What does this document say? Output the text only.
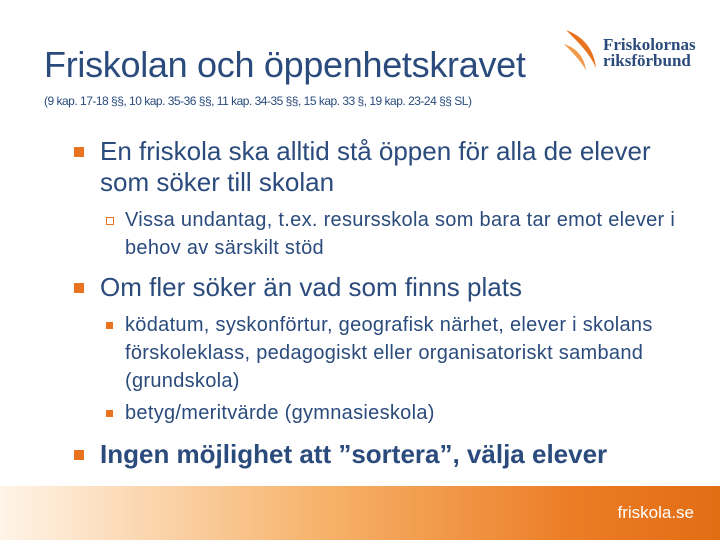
Friskolan och öppenhetskravet
(9 kap. 17-18 §§, 10 kap. 35-36 §§, 11 kap. 34-35 §§, 15 kap. 33 §, 19 kap. 23-24 §§ SL)
Friskolornas
riksförbund
En friskola ska alltid stå öppen för alla de elever som söker till skolan
Vissa undantag, t.ex. resursskola som bara tar emot elever i behov av särskilt stöd
Om fler söker än vad som finns plats
ködatum, syskonförtur, geografisk närhet, elever i skolans förskoleklass, pedagogiskt eller organisatoriskt samband (grundskola)
betyg/meritvärde (gymnasieskola)
Ingen möjlighet att ”sortera”, välja elever
friskola.se
